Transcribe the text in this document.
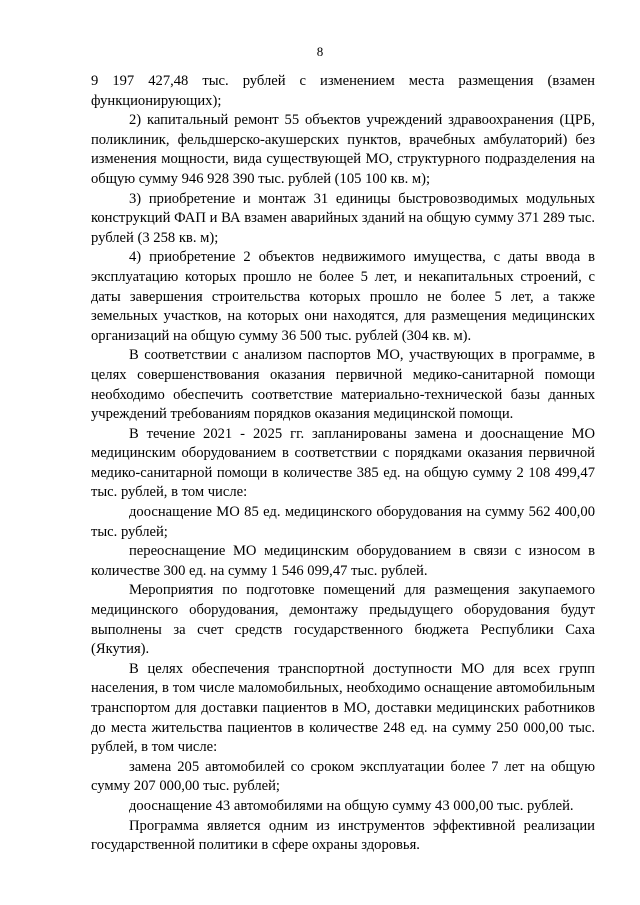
8

9 197 427,48 тыс. рублей с изменением места размещения (взамен функционирующих);

2) капитальный ремонт 55 объектов учреждений здравоохранения (ЦРБ, поликлиник, фельдшерско-акушерских пунктов, врачебных амбулаторий) без изменения мощности, вида существующей МО, структурного подразделения на общую сумму 946 928 390 тыс. рублей (105 100 кв. м);

3) приобретение и монтаж 31 единицы быстровозводимых модульных конструкций ФАП и ВА взамен аварийных зданий на общую сумму 371 289 тыс. рублей (3 258 кв. м);

4) приобретение 2 объектов недвижимого имущества, с даты ввода в эксплуатацию которых прошло не более 5 лет, и некапитальных строений, с даты завершения строительства которых прошло не более 5 лет, а также земельных участков, на которых они находятся, для размещения медицинских организаций на общую сумму 36 500 тыс. рублей (304 кв. м).

В соответствии с анализом паспортов МО, участвующих в программе, в целях совершенствования оказания первичной медико-санитарной помощи необходимо обеспечить соответствие материально-технической базы данных учреждений требованиям порядков оказания медицинской помощи.

В течение 2021 - 2025 гг. запланированы замена и дооснащение МО медицинским оборудованием в соответствии с порядками оказания первичной медико-санитарной помощи в количестве 385 ед. на общую сумму 2 108 499,47 тыс. рублей, в том числе:

дооснащение МО 85 ед. медицинского оборудования на сумму 562 400,00 тыс. рублей;

переоснащение МО медицинским оборудованием в связи с износом в количестве 300 ед. на сумму 1 546 099,47 тыс. рублей.

Мероприятия по подготовке помещений для размещения закупаемого медицинского оборудования, демонтажу предыдущего оборудования будут выполнены за счет средств государственного бюджета Республики Саха (Якутия).

В целях обеспечения транспортной доступности МО для всех групп населения, в том числе маломобильных, необходимо оснащение автомобильным транспортом для доставки пациентов в МО, доставки медицинских работников до места жительства пациентов в количестве 248 ед. на сумму 250 000,00 тыс. рублей, в том числе:

замена 205 автомобилей со сроком эксплуатации более 7 лет на общую сумму 207 000,00 тыс. рублей;

дооснащение 43 автомобилями на общую сумму 43 000,00 тыс. рублей.

Программа является одним из инструментов эффективной реализации государственной политики в сфере охраны здоровья.
